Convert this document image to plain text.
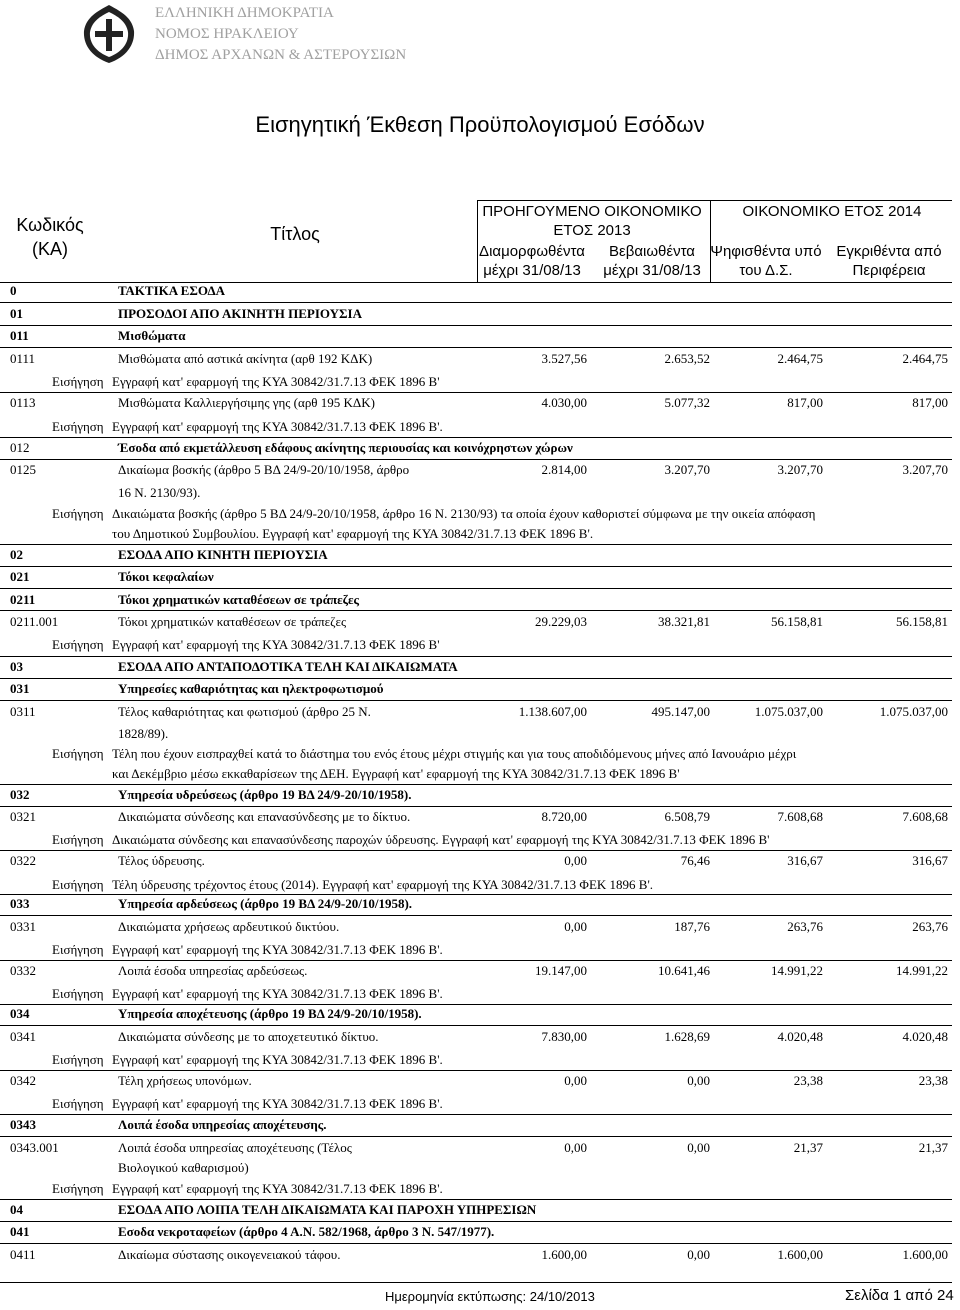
ΕΛΛΗΝΙΚΗ ΔΗΜΟΚΡΑΤΙΑ
ΝΟΜΟΣ ΗΡΑΚΛΕΙΟΥ
ΔΗΜΟΣ ΑΡΧΑΝΩΝ & ΑΣΤΕΡΟΥΣΙΩΝ
Εισηγητική Έκθεση Προϋπολογισμού Εσόδων
Κωδικός (ΚΑ)
Τίτλος
ΠΡΟΗΓΟΥΜΕΝΟ ΟΙΚΟΝΟΜΙΚΟ ΕΤΟΣ 2013
ΟΙΚΟΝΟΜΙΚΟ ΕΤΟΣ 2014
Διαμορφωθέντα μέχρι 31/08/13
Βεβαιωθέντα μέχρι 31/08/13
Ψηφισθέντα υπό του Δ.Σ.
Εγκριθέντα από Περιφέρεια
0	ΤΑΚΤΙΚΑ ΕΣΟΔΑ
01	ΠΡΟΣΟΔΟΙ ΑΠΟ ΑΚΙΝΗΤΗ ΠΕΡΙΟΥΣΙΑ
011	Μισθώματα
0111	Μισθώματα από αστικά ακίνητα (αρθ 192 ΚΔΚ)	3.527,56	2.653,52	2.464,75	2.464,75
Εισήγηση Εγγραφή κατ' εφαρμογή της ΚΥΑ 30842/31.7.13 ΦΕΚ 1896 Β'
0113	Μισθώματα Καλλιεργήσιμης γης (αρθ 195 ΚΔΚ)	4.030,00	5.077,32	817,00	817,00
Εισήγηση Εγγραφή κατ' εφαρμογή της ΚΥΑ 30842/31.7.13 ΦΕΚ 1896 Β'.
012	Έσοδα από εκμετάλλευση εδάφους ακίνητης περιουσίας και κοινόχρηστων χώρων
0125	Δικαίωμα βοσκής (άρθρο 5 ΒΔ 24/9-20/10/1958, άρθρο	2.814,00	3.207,70	3.207,70	3.207,70
16 Ν. 2130/93).
Εισήγηση Δικαιώματα βοσκής (άρθρο 5 ΒΔ 24/9-20/10/1958, άρθρο 16 Ν. 2130/93) τα οποία έχουν καθοριστεί σύμφωνα με την οικεία απόφαση
του Δημοτικού Συμβουλίου. Εγγραφή κατ' εφαρμογή της ΚΥΑ 30842/31.7.13 ΦΕΚ 1896 Β'.
02	ΕΣΟΔΑ ΑΠΟ ΚΙΝΗΤΗ ΠΕΡΙΟΥΣΙΑ
021	Τόκοι κεφαλαίων
0211	Τόκοι χρηματικών καταθέσεων σε τράπεζες
0211.001	Τόκοι χρηματικών καταθέσεων σε τράπεζες	29.229,03	38.321,81	56.158,81	56.158,81
Εισήγηση Εγγραφή κατ' εφαρμογή της ΚΥΑ 30842/31.7.13 ΦΕΚ 1896 Β'
03	ΕΣΟΔΑ ΑΠΟ ΑΝΤΑΠΟΔΟΤΙΚΑ ΤΕΛΗ ΚΑΙ ΔΙΚΑΙΩΜΑΤΑ
031	Υπηρεσίες καθαριότητας και ηλεκτροφωτισμού
0311	Τέλος καθαριότητας και φωτισμού (άρθρο 25 Ν.	1.138.607,00	495.147,00	1.075.037,00	1.075.037,00
1828/89).
Εισήγηση Τέλη που έχουν εισπραχθεί κατά το διάστημα του ενός έτους μέχρι στιγμής και για τους αποδιδόμενους μήνες από Ιανουάριο μέχρι
και Δεκέμβριο μέσω εκκαθαρίσεων της ΔΕΗ. Εγγραφή κατ' εφαρμογή της ΚΥΑ 30842/31.7.13 ΦΕΚ 1896 Β'
032	Υπηρεσία υδρεύσεως (άρθρο 19 ΒΔ 24/9-20/10/1958).
0321	Δικαιώματα σύνδεσης και επανασύνδεσης με το δίκτυο.	8.720,00	6.508,79	7.608,68	7.608,68
Εισήγηση Δικαιώματα σύνδεσης και επανασύνδεσης παροχών ύδρευσης. Εγγραφή κατ' εφαρμογή της ΚΥΑ 30842/31.7.13 ΦΕΚ 1896 Β'
0322	Τέλος ύδρευσης.	0,00	76,46	316,67	316,67
Εισήγηση Τέλη ύδρευσης τρέχοντος έτους (2014). Εγγραφή κατ' εφαρμογή της ΚΥΑ 30842/31.7.13 ΦΕΚ 1896 Β'.
033	Υπηρεσία αρδεύσεως (άρθρο 19 ΒΔ 24/9-20/10/1958).
0331	Δικαιώματα χρήσεως αρδευτικού δικτύου.	0,00	187,76	263,76	263,76
Εισήγηση Εγγραφή κατ' εφαρμογή της ΚΥΑ 30842/31.7.13 ΦΕΚ 1896 Β'.
0332	Λοιπά έσοδα υπηρεσίας αρδεύσεως.	19.147,00	10.641,46	14.991,22	14.991,22
Εισήγηση Εγγραφή κατ' εφαρμογή της ΚΥΑ 30842/31.7.13 ΦΕΚ 1896 Β'.
034	Υπηρεσία αποχέτευσης (άρθρο 19 ΒΔ 24/9-20/10/1958).
0341	Δικαιώματα σύνδεσης με το αποχετευτικό δίκτυο.	7.830,00	1.628,69	4.020,48	4.020,48
Εισήγηση Εγγραφή κατ' εφαρμογή της ΚΥΑ 30842/31.7.13 ΦΕΚ 1896 Β'.
0342	Τέλη χρήσεως υπονόμων.	0,00	0,00	23,38	23,38
Εισήγηση Εγγραφή κατ' εφαρμογή της ΚΥΑ 30842/31.7.13 ΦΕΚ 1896 Β'.
0343	Λοιπά έσοδα υπηρεσίας αποχέτευσης.
0343.001	Λοιπά έσοδα υπηρεσίας αποχέτευσης (Τέλος	0,00	0,00	21,37	21,37
Βιολογικού καθαρισμού)
Εισήγηση Εγγραφή κατ' εφαρμογή της ΚΥΑ 30842/31.7.13 ΦΕΚ 1896 Β'.
04	ΕΣΟΔΑ ΑΠΟ ΛΟΙΠΑ ΤΕΛΗ ΔΙΚΑΙΩΜΑΤΑ ΚΑΙ ΠΑΡΟΧΗ ΥΠΗΡΕΣΙΩΝ
041	Εσοδα νεκροταφείων (άρθρο 4 Α.Ν. 582/1968, άρθρο 3 Ν. 547/1977).
0411	Δικαίωμα σύστασης οικογενειακού τάφου.	1.600,00	0,00	1.600,00	1.600,00
Ημερομηνία εκτύπωσης: 24/10/2013	Σελίδα 1 από 24
